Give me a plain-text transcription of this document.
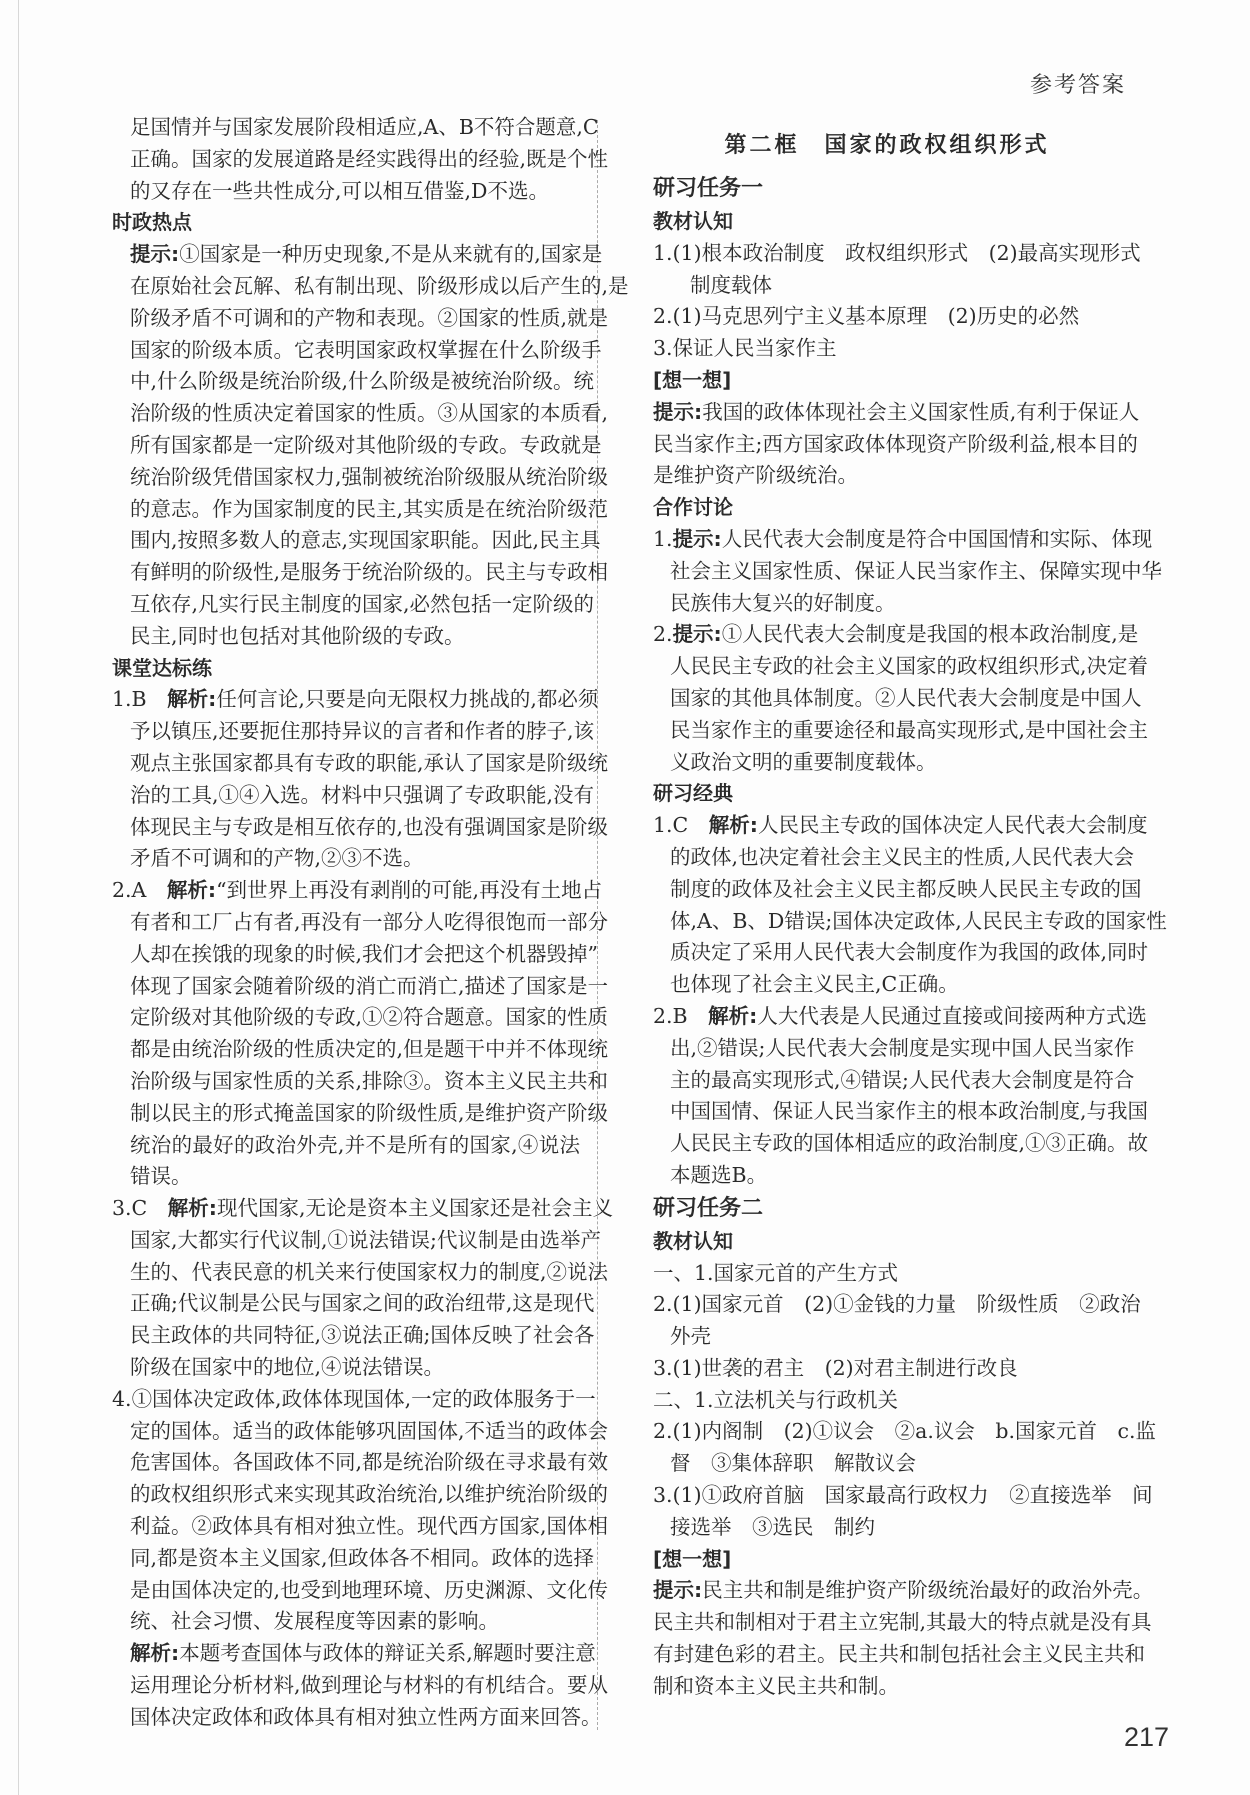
参考答案
第二框　国家的政权组织形式
足国情并与国家发展阶段相适应,A、B不符合题意,C
正确。国家的发展道路是经实践得出的经验,既是个性
的又存在一些共性成分,可以相互借鉴,D不选。
时政热点
提示:①国家是一种历史现象,不是从来就有的,国家是
在原始社会瓦解、私有制出现、阶级形成以后产生的,是
阶级矛盾不可调和的产物和表现。②国家的性质,就是
国家的阶级本质。它表明国家政权掌握在什么阶级手
中,什么阶级是统治阶级,什么阶级是被统治阶级。统
治阶级的性质决定着国家的性质。③从国家的本质看,
所有国家都是一定阶级对其他阶级的专政。专政就是
统治阶级凭借国家权力,强制被统治阶级服从统治阶级
的意志。作为国家制度的民主,其实质是在统治阶级范
围内,按照多数人的意志,实现国家职能。因此,民主具
有鲜明的阶级性,是服务于统治阶级的。民主与专政相
互依存,凡实行民主制度的国家,必然包括一定阶级的
民主,同时也包括对其他阶级的专政。
课堂达标练
1.B　解析:任何言论,只要是向无限权力挑战的,都必须
予以镇压,还要扼住那持异议的言者和作者的脖子,该
观点主张国家都具有专政的职能,承认了国家是阶级统
治的工具,①④入选。材料中只强调了专政职能,没有
体现民主与专政是相互依存的,也没有强调国家是阶级
矛盾不可调和的产物,②③不选。
2.A　解析:“到世界上再没有剥削的可能,再没有土地占
有者和工厂占有者,再没有一部分人吃得很饱而一部分
人却在挨饿的现象的时候,我们才会把这个机器毁掉”
体现了国家会随着阶级的消亡而消亡,描述了国家是一
定阶级对其他阶级的专政,①②符合题意。国家的性质
都是由统治阶级的性质决定的,但是题干中并不体现统
治阶级与国家性质的关系,排除③。资本主义民主共和
制以民主的形式掩盖国家的阶级性质,是维护资产阶级
统治的最好的政治外壳,并不是所有的国家,④说法
错误。
3.C　解析:现代国家,无论是资本主义国家还是社会主义
国家,大都实行代议制,①说法错误;代议制是由选举产
生的、代表民意的机关来行使国家权力的制度,②说法
正确;代议制是公民与国家之间的政治纽带,这是现代
民主政体的共同特征,③说法正确;国体反映了社会各
阶级在国家中的地位,④说法错误。
4.①国体决定政体,政体体现国体,一定的政体服务于一
定的国体。适当的政体能够巩固国体,不适当的政体会
危害国体。各国政体不同,都是统治阶级在寻求最有效
的政权组织形式来实现其政治统治,以维护统治阶级的
利益。②政体具有相对独立性。现代西方国家,国体相
同,都是资本主义国家,但政体各不相同。政体的选择
是由国体决定的,也受到地理环境、历史渊源、文化传
统、社会习惯、发展程度等因素的影响。
解析:本题考查国体与政体的辩证关系,解题时要注意
运用理论分析材料,做到理论与材料的有机结合。要从
国体决定政体和政体具有相对独立性两方面来回答。
研习任务一
教材认知
1.(1)根本政治制度　政权组织形式　(2)最高实现形式
制度载体
2.(1)马克思列宁主义基本原理　(2)历史的必然
3.保证人民当家作主
[想一想]
提示:我国的政体体现社会主义国家性质,有利于保证人
民当家作主;西方国家政体体现资产阶级利益,根本目的
是维护资产阶级统治。
合作讨论
1.提示:人民代表大会制度是符合中国国情和实际、体现
社会主义国家性质、保证人民当家作主、保障实现中华
民族伟大复兴的好制度。
2.提示:①人民代表大会制度是我国的根本政治制度,是
人民民主专政的社会主义国家的政权组织形式,决定着
国家的其他具体制度。②人民代表大会制度是中国人
民当家作主的重要途径和最高实现形式,是中国社会主
义政治文明的重要制度载体。
研习经典
1.C　解析:人民民主专政的国体决定人民代表大会制度
的政体,也决定着社会主义民主的性质,人民代表大会
制度的政体及社会主义民主都反映人民民主专政的国
体,A、B、D错误;国体决定政体,人民民主专政的国家性
质决定了采用人民代表大会制度作为我国的政体,同时
也体现了社会主义民主,C正确。
2.B　解析:人大代表是人民通过直接或间接两种方式选
出,②错误;人民代表大会制度是实现中国人民当家作
主的最高实现形式,④错误;人民代表大会制度是符合
中国国情、保证人民当家作主的根本政治制度,与我国
人民民主专政的国体相适应的政治制度,①③正确。故
本题选B。
研习任务二
教材认知
一、1.国家元首的产生方式
2.(1)国家元首　(2)①金钱的力量　阶级性质　②政治
外壳
3.(1)世袭的君主　(2)对君主制进行改良
二、1.立法机关与行政机关
2.(1)内阁制　(2)①议会　②a.议会　b.国家元首　c.监
督　③集体辞职　解散议会
3.(1)①政府首脑　国家最高行政权力　②直接选举　间
接选举　③选民　制约
[想一想]
提示:民主共和制是维护资产阶级统治最好的政治外壳。
民主共和制相对于君主立宪制,其最大的特点就是没有具
有封建色彩的君主。民主共和制包括社会主义民主共和
制和资本主义民主共和制。
217
